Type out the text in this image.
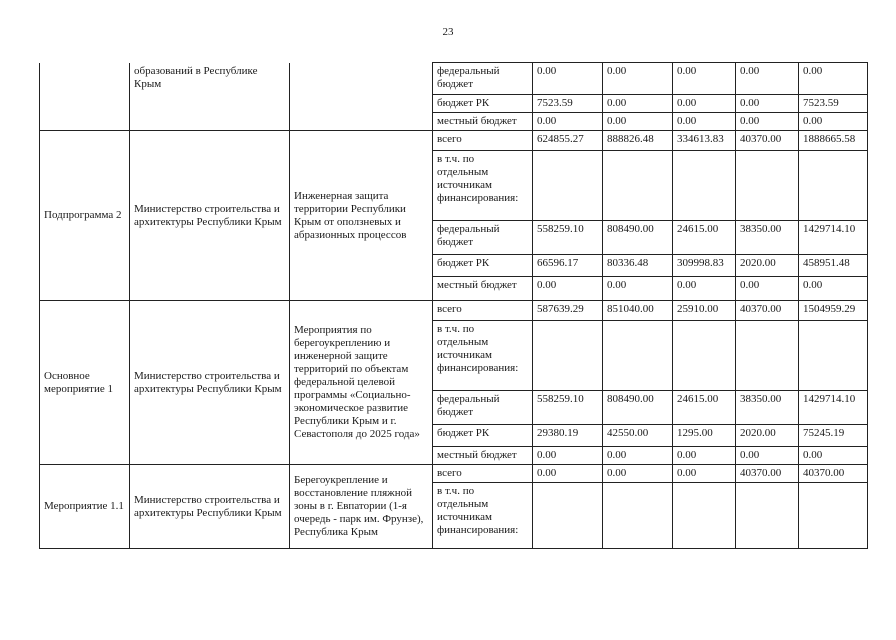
23
	образований в Республике Крым		федеральный бюджет	0.00	0.00	0.00	0.00	0.00
			бюджет РК	7523.59	0.00	0.00	0.00	7523.59
			местный бюджет	0.00	0.00	0.00	0.00	0.00
Подпрограмма 2	Министерство строительства и архитектуры Республики Крым	Инженерная защита территории Республики Крым от оползневых и абразионных процессов	всего	624855.27	888826.48	334613.83	40370.00	1888665.58
			в т.ч. по отдельным источникам финансирования:					
			федеральный бюджет	558259.10	808490.00	24615.00	38350.00	1429714.10
			бюджет РК	66596.17	80336.48	309998.83	2020.00	458951.48
			местный бюджет	0.00	0.00	0.00	0.00	0.00
Основное мероприятие 1	Министерство строительства и архитектуры Республики Крым	Мероприятия по берегоукреплению и инженерной защите территорий по объектам федеральной целевой программы «Социально-экономическое развитие Республики Крым и г. Севастополя до 2025 года»	всего	587639.29	851040.00	25910.00	40370.00	1504959.29
			в т.ч. по отдельным источникам финансирования:					
			федеральный бюджет	558259.10	808490.00	24615.00	38350.00	1429714.10
			бюджет РК	29380.19	42550.00	1295.00	2020.00	75245.19
			местный бюджет	0.00	0.00	0.00	0.00	0.00
Мероприятие 1.1	Министерство строительства и архитектуры Республики Крым	Берегоукрепление и восстановление пляжной зоны в г. Евпатории (1-я очередь - парк им. Фрунзе), Республика Крым	всего	0.00	0.00	0.00	40370.00	40370.00
			в т.ч. по отдельным источникам финансирования:					
